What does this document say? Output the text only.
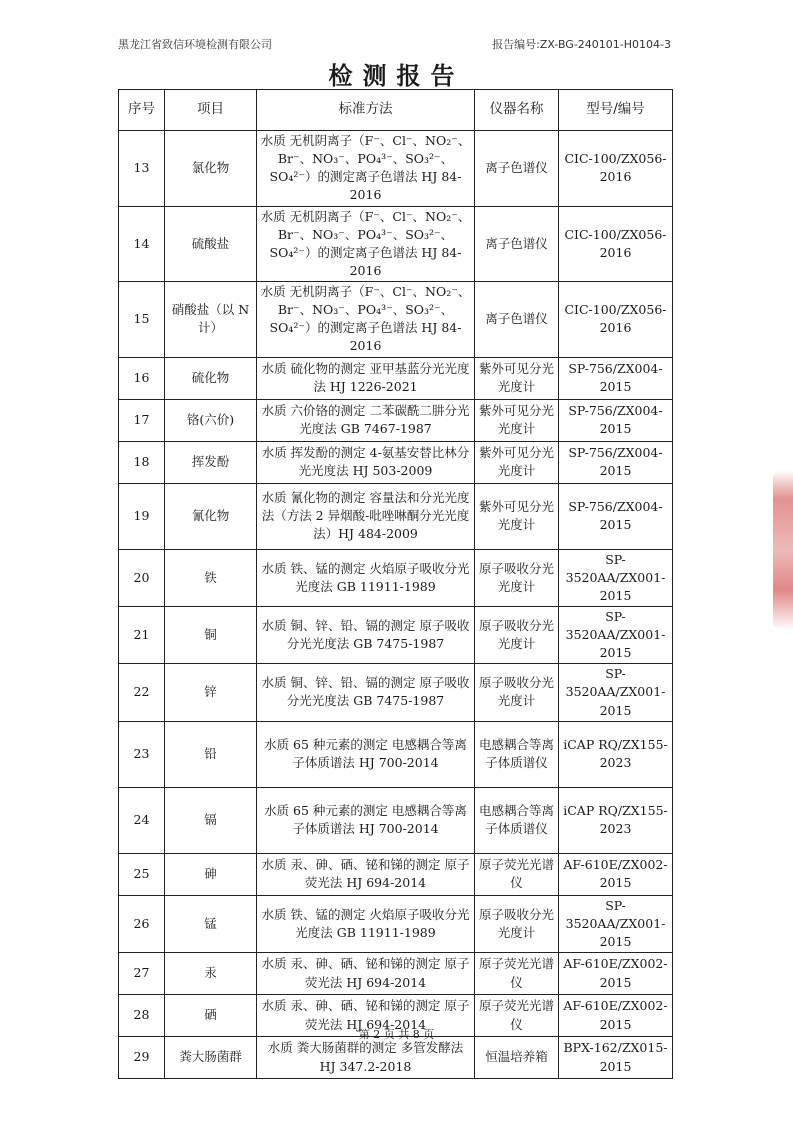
黑龙江省致信环境检测有限公司	报告编号:ZX-BG-240101-H0104-3
检测报告
序号	项目	标准方法	仪器名称	型号/编号
13	氯化物	水质 无机阴离子（F⁻、Cl⁻、NO₂⁻、Br⁻、NO₃⁻、PO₄³⁻、SO₃²⁻、SO₄²⁻）的测定离子色谱法 HJ 84-2016	离子色谱仪	CIC-100/ZX056-2016
14	硫酸盐	水质 无机阴离子（F⁻、Cl⁻、NO₂⁻、Br⁻、NO₃⁻、PO₄³⁻、SO₃²⁻、SO₄²⁻）的测定离子色谱法 HJ 84-2016	离子色谱仪	CIC-100/ZX056-2016
15	硝酸盐（以 N 计）	水质 无机阴离子（F⁻、Cl⁻、NO₂⁻、Br⁻、NO₃⁻、PO₄³⁻、SO₃²⁻、SO₄²⁻）的测定离子色谱法 HJ 84-2016	离子色谱仪	CIC-100/ZX056-2016
16	硫化物	水质 硫化物的测定 亚甲基蓝分光光度法 HJ 1226-2021	紫外可见分光光度计	SP-756/ZX004-2015
17	铬(六价)	水质 六价铬的测定 二苯碳酰二肼分光光度法 GB 7467-1987	紫外可见分光光度计	SP-756/ZX004-2015
18	挥发酚	水质 挥发酚的测定 4-氨基安替比林分光光度法 HJ 503-2009	紫外可见分光光度计	SP-756/ZX004-2015
19	氰化物	水质 氰化物的测定 容量法和分光光度法（方法 2 异烟酸-吡唑啉酮分光光度法）HJ 484-2009	紫外可见分光光度计	SP-756/ZX004-2015
20	铁	水质 铁、锰的测定 火焰原子吸收分光光度法 GB 11911-1989	原子吸收分光光度计	SP-3520AA/ZX001-2015
21	铜	水质 铜、锌、铅、镉的测定 原子吸收分光光度法 GB 7475-1987	原子吸收分光光度计	SP-3520AA/ZX001-2015
22	锌	水质 铜、锌、铅、镉的测定 原子吸收分光光度法 GB 7475-1987	原子吸收分光光度计	SP-3520AA/ZX001-2015
23	铅	水质 65 种元素的测定 电感耦合等离子体质谱法 HJ 700-2014	电感耦合等离子体质谱仪	iCAP RQ/ZX155-2023
24	镉	水质 65 种元素的测定 电感耦合等离子体质谱法 HJ 700-2014	电感耦合等离子体质谱仪	iCAP RQ/ZX155-2023
25	砷	水质 汞、砷、硒、铋和锑的测定 原子荧光法 HJ 694-2014	原子荧光光谱仪	AF-610E/ZX002-2015
26	锰	水质 铁、锰的测定 火焰原子吸收分光光度法 GB 11911-1989	原子吸收分光光度计	SP-3520AA/ZX001-2015
27	汞	水质 汞、砷、硒、铋和锑的测定 原子荧光法 HJ 694-2014	原子荧光光谱仪	AF-610E/ZX002-2015
28	硒	水质 汞、砷、硒、铋和锑的测定 原子荧光法 HJ 694-2014	原子荧光光谱仪	AF-610E/ZX002-2015
29	粪大肠菌群	水质 粪大肠菌群的测定 多管发酵法 HJ 347.2-2018	恒温培养箱	BPX-162/ZX015-2015
第 2 页 共 8 页
